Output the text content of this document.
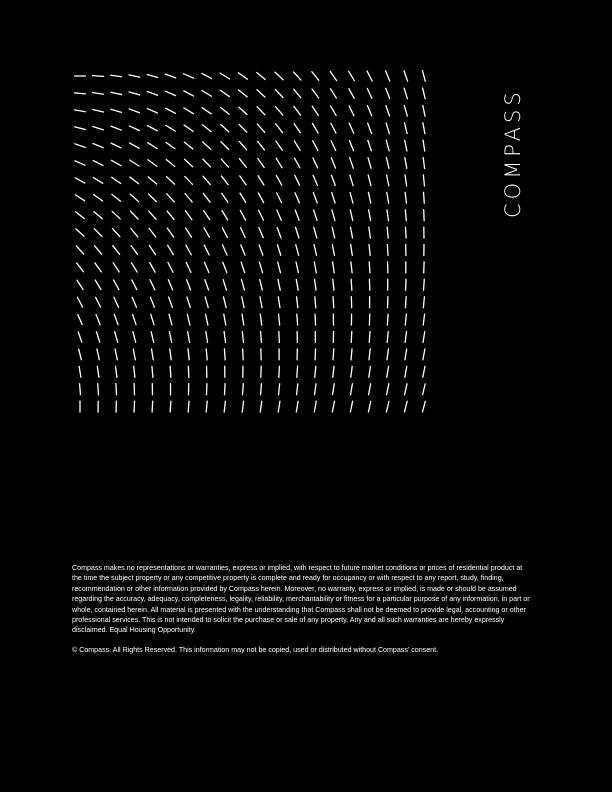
COMPASS

Compass makes no representations or warranties, express or implied, with respect to future market conditions or prices of residential product at the time the subject property or any competitive property is complete and ready for occupancy or with respect to any report, study, finding, recommendation or other information provided by Compass herein. Moreover, no warranty, express or implied, is made or should be assumed regarding the accuracy, adequacy, completeness, legality, reliability, merchantability or fitness for a particular purpose of any information, in part or whole, contained herein. All material is presented with the understanding that Compass shall not be deemed to provide legal, accounting or other professional services. This is not intended to solicit the purchase or sale of any property. Any and all such warranties are hereby expressly disclaimed. Equal Housing Opportunity.

© Compass. All Rights Reserved. This information may not be copied, used or distributed without Compass' consent.
